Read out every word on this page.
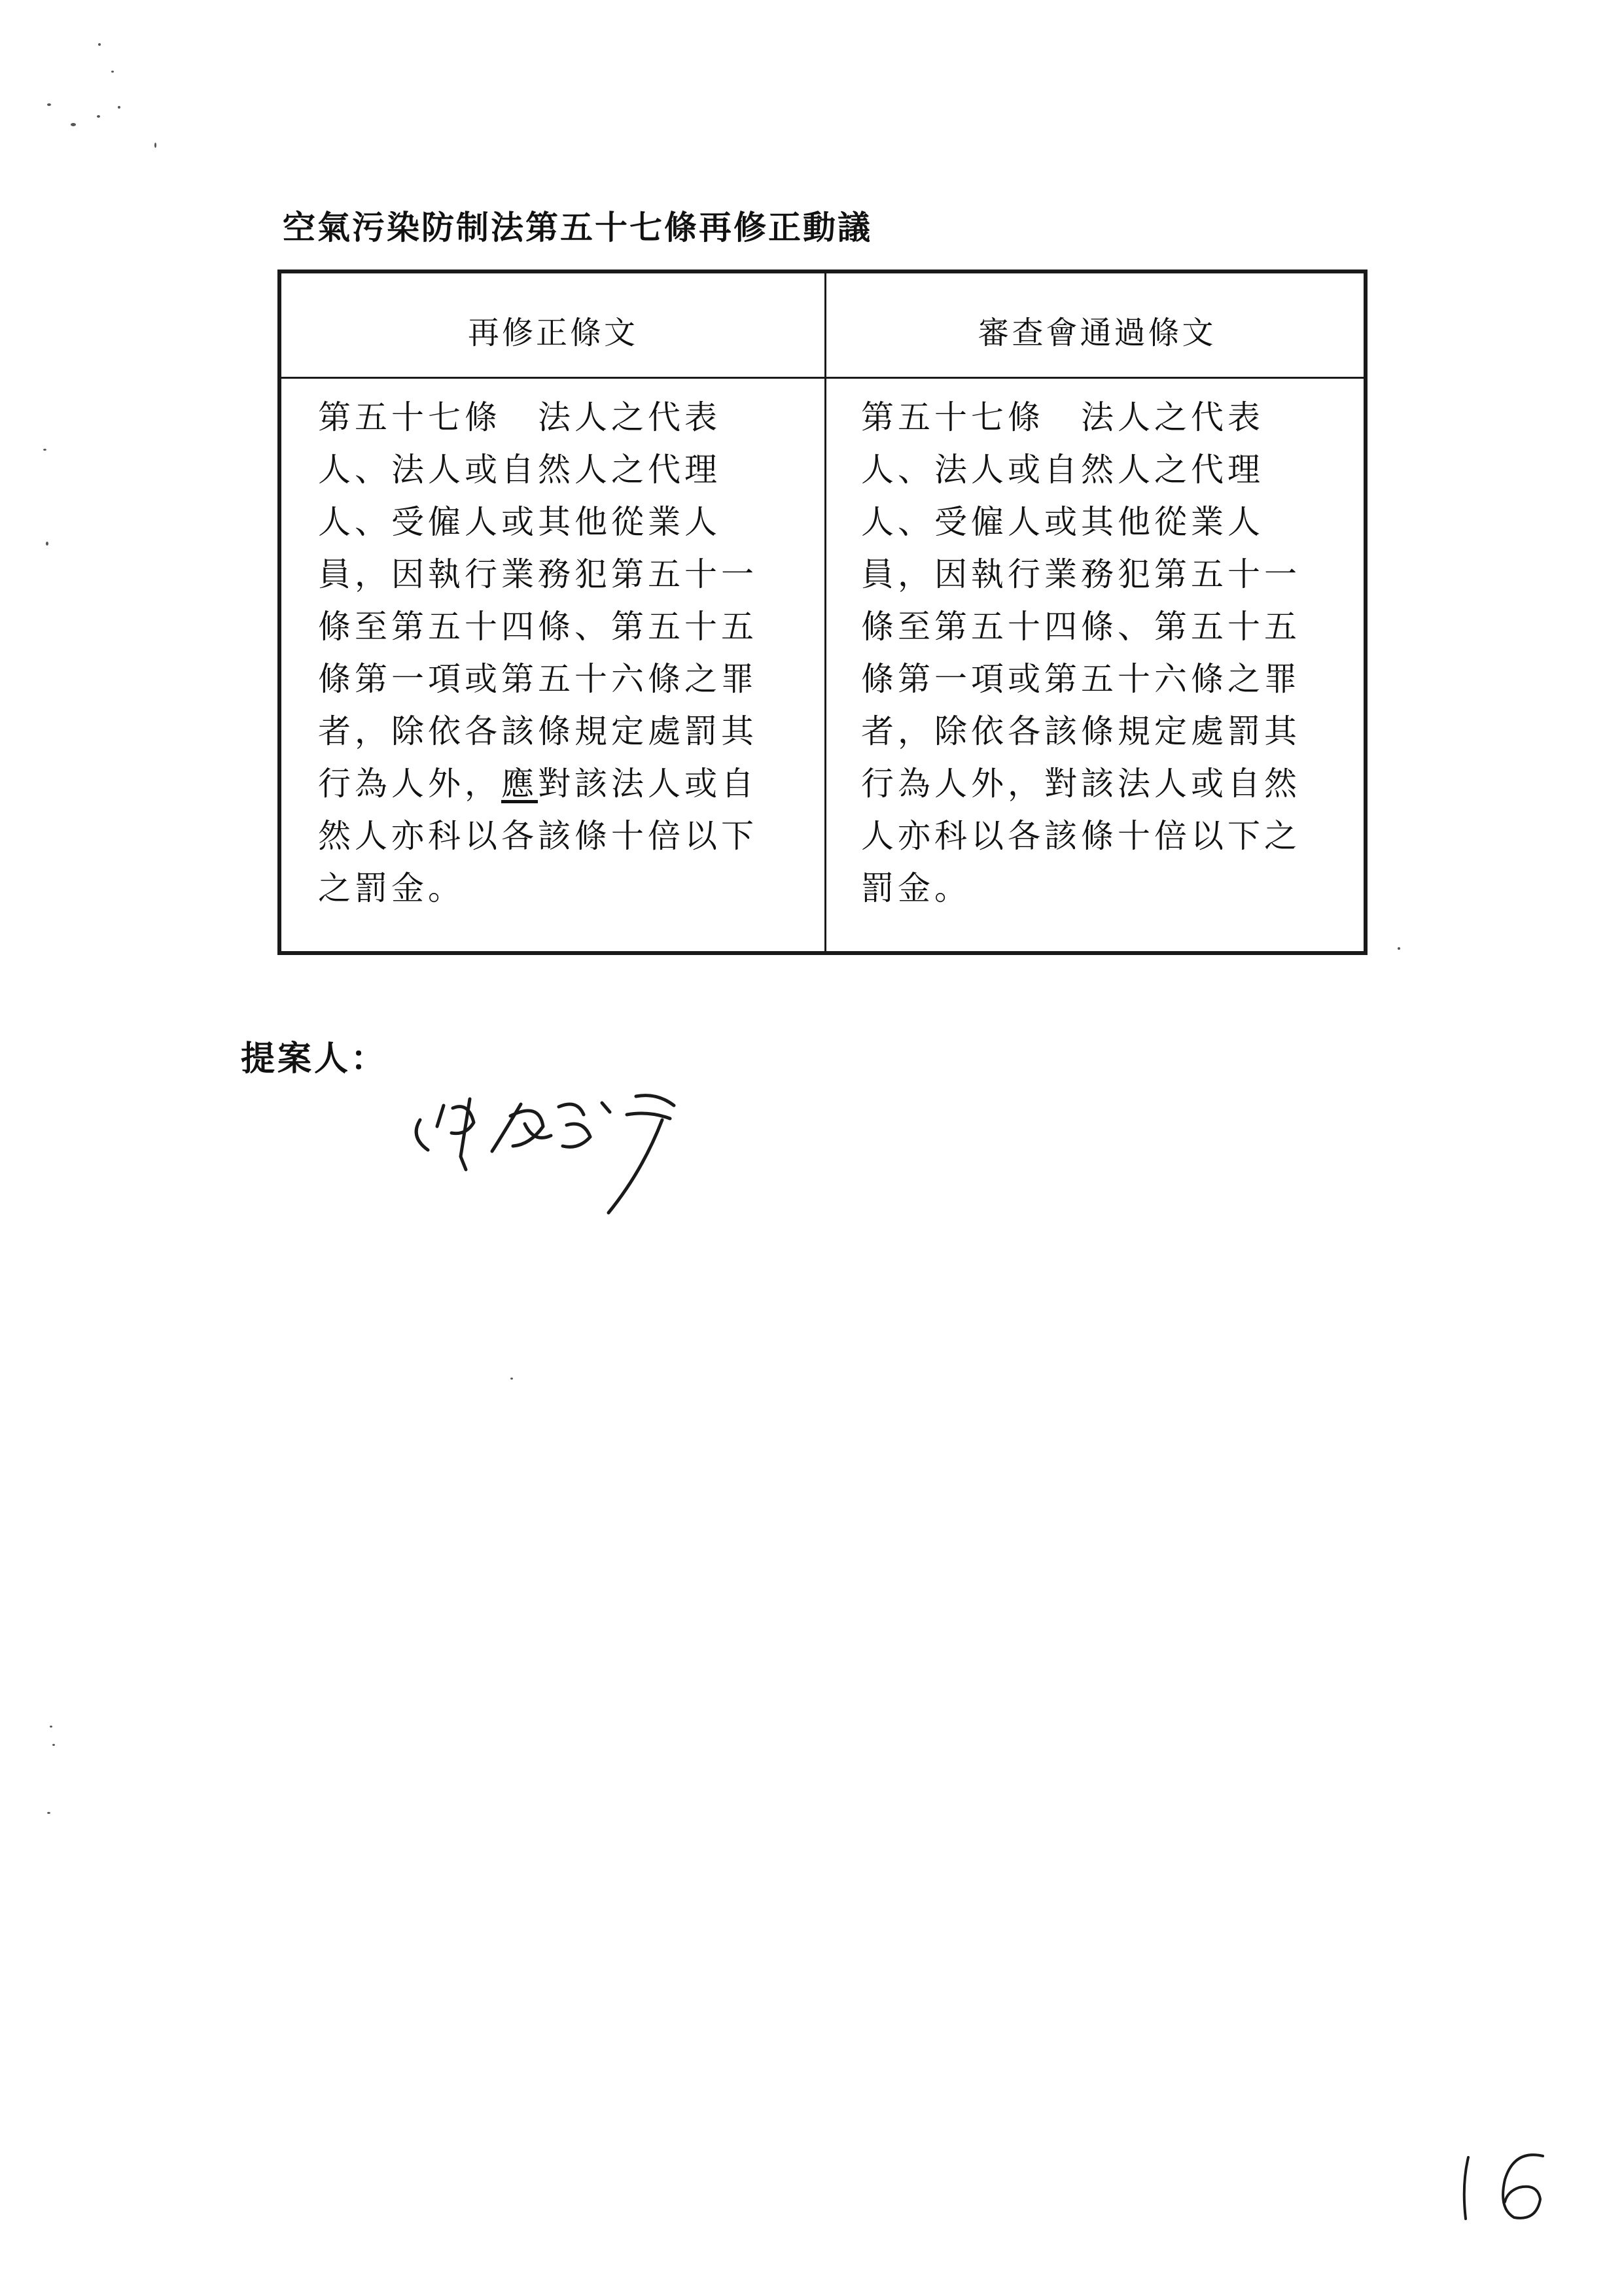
空氣污染防制法第五十七條再修正動議
再修正條文	審查會通過條文
第五十七條　法人之代表
人、法人或自然人之代理
人、受僱人或其他從業人
員，因執行業務犯第五十一
條至第五十四條、第五十五
條第一項或第五十六條之罪
者，除依各該條規定處罰其
行為人外，應對該法人或自
然人亦科以各該條十倍以下
之罰金。
第五十七條　法人之代表
人、法人或自然人之代理
人、受僱人或其他從業人
員，因執行業務犯第五十一
條至第五十四條、第五十五
條第一項或第五十六條之罪
者，除依各該條規定處罰其
行為人外，對該法人或自然
人亦科以各該條十倍以下之
罰金。
提案人：
